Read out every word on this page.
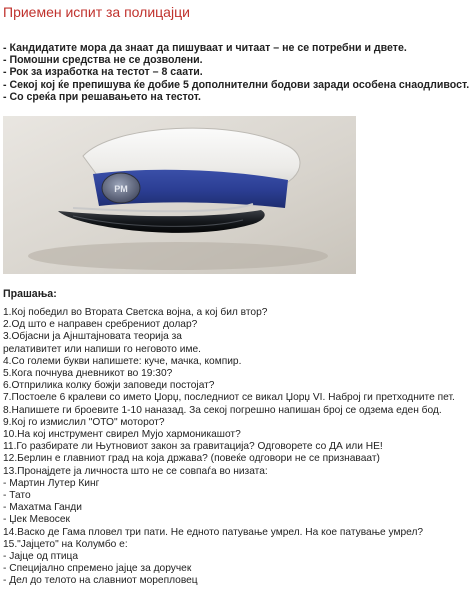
Приемен испит за полицајци
- Кандидатите мора да знаат да пишуваат и читаат – не се потребни и двете.
- Помошни средства не се дозволени.
- Рок за изработка на тестот – 8 саати.
- Секој кој ќе препишува ќе добие 5 дополнителни бодови заради особена снаодливост.
- Со среќа при решавањето на тестот.
PM
Прашања:
1.Кој победил во Втората Светска војна, а кој бил втор?
2.Од што е направен сребрениот долар?
3.Објасни ја Ајнштајновата теорија за
релативитет или напиши го неговото име.
4.Со големи букви напишете: куче, мачка, компир.
5.Кога почнува дневникот во 19:30?
6.Отприлика колку божји заповеди постојат?
7.Постоеле 6 кралеви со името Џорџ, последниот се викал Џорџ VI. Наброј ги претходните пет.
8.Напишете ги броевите 1-10 наназад. За секој погрешно напишан број се одзема еден бод.
9.Кој го измислил "ОТО" моторот?
10.На кој инструмент свирел Мујо хармоникашот?
11.Го разбирате ли Њутновиот закон за гравитација? Одговорете со ДА или НЕ!
12.Берлин е главниот град на која држава? (повеќе одговори не се признаваат)
13.Пронајдете ја личноста што не се совпаѓа во низата:
- Мартин Лутер Кинг
- Тато
- Махатма Ганди
- Џек Мевосек
14.Васко де Гама пловел три пати. Не едното патување умрел. На кое патување умрел?
15."Јајцето" на Колумбо е:
- Јајце од птица
- Специјално спремено јајце за доручек
- Дел до телото на славниот морепловец
